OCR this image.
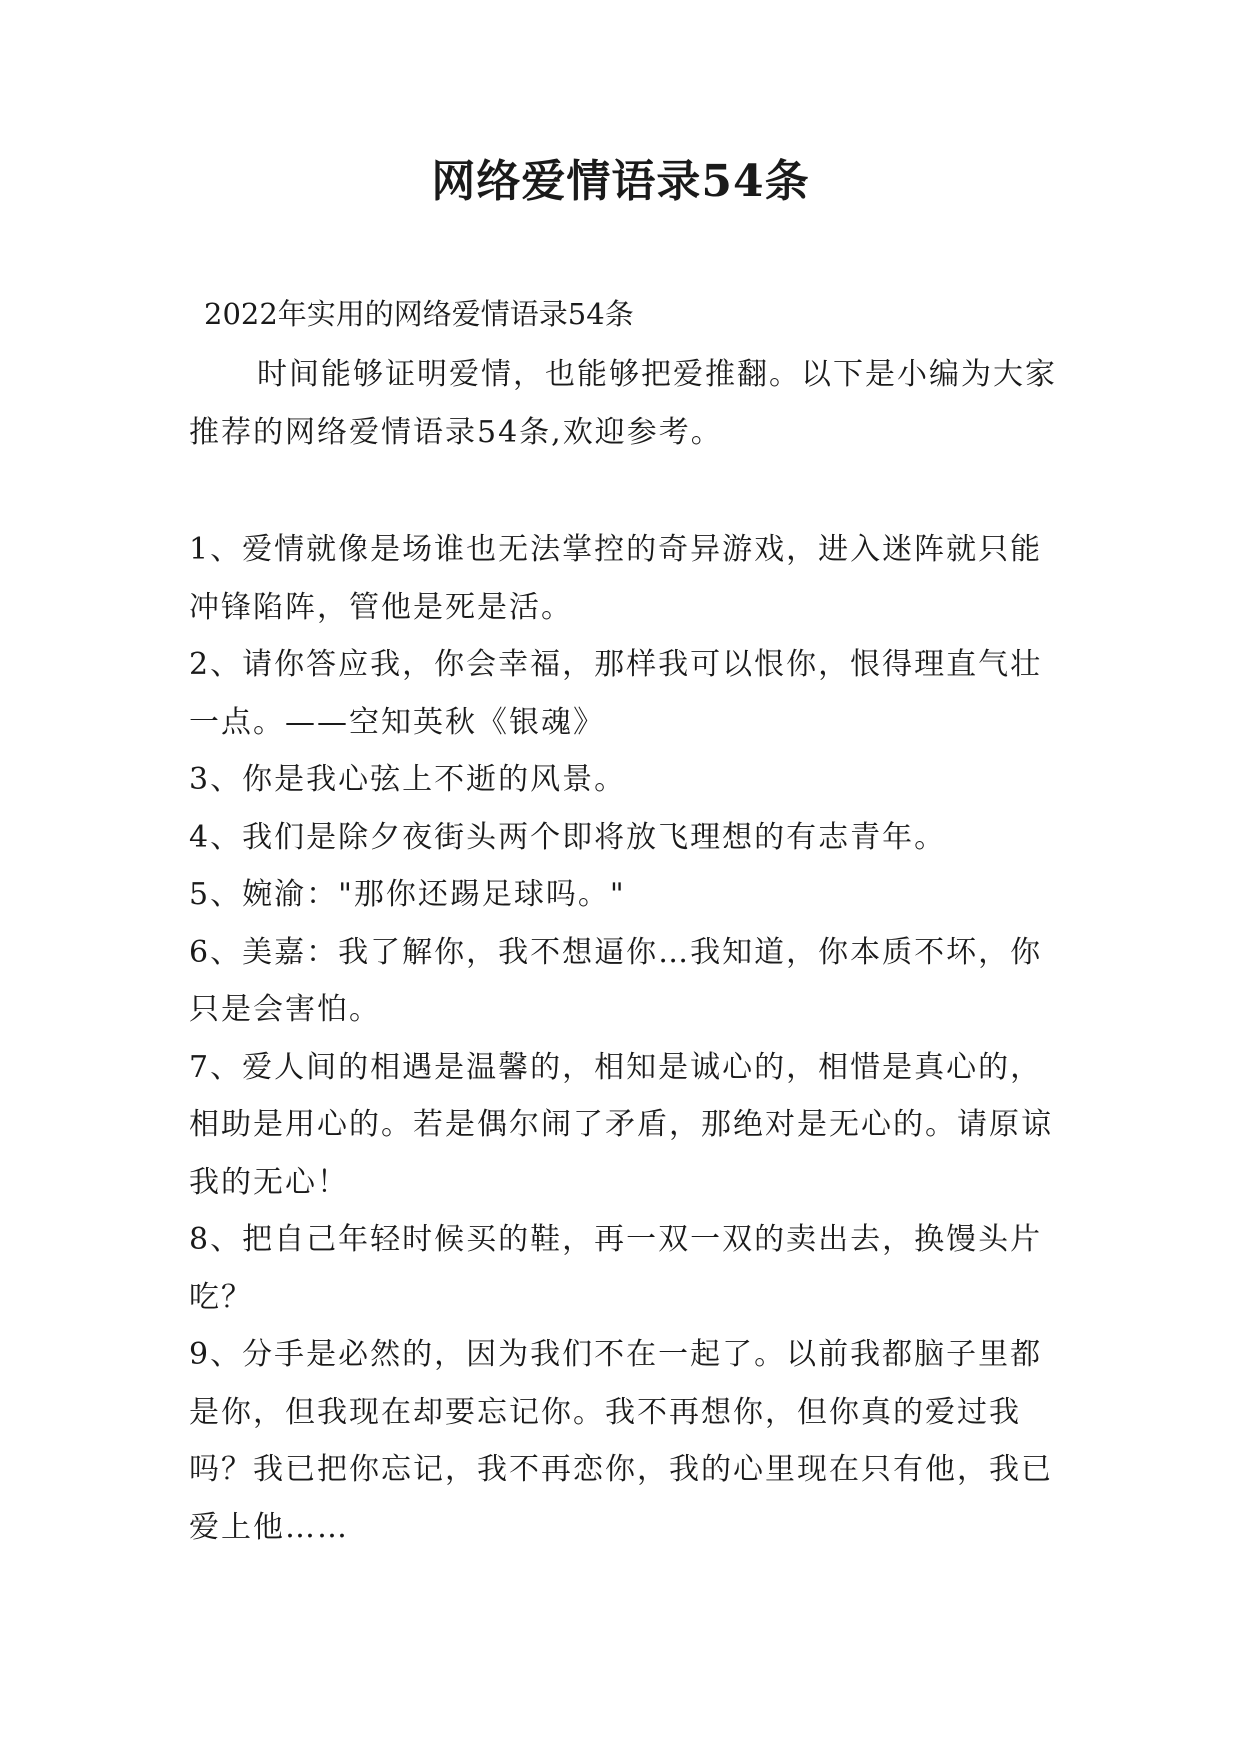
网络爱情语录54条
2022年实用的网络爱情语录54条

时间能够证明爱情，也能够把爱推翻。以下是小编为大家推荐的网络爱情语录54条,欢迎参考。

1、爱情就像是场谁也无法掌控的奇异游戏，进入迷阵就只能冲锋陷阵，管他是死是活。

2、请你答应我，你会幸福，那样我可以恨你，恨得理直气壮一点。——空知英秋《银魂》

3、你是我心弦上不逝的风景。

4、我们是除夕夜街头两个即将放飞理想的有志青年。

5、婉渝："那你还踢足球吗。"

6、美嘉：我了解你，我不想逼你…我知道，你本质不坏，你只是会害怕。

7、爱人间的相遇是温馨的，相知是诚心的，相惜是真心的，相助是用心的。若是偶尔闹了矛盾，那绝对是无心的。请原谅我的无心！

8、把自己年轻时候买的鞋，再一双一双的卖出去，换馒头片吃？

9、分手是必然的，因为我们不在一起了。以前我都脑子里都是你，但我现在却要忘记你。我不再想你，但你真的爱过我吗？我已把你忘记，我不再恋你，我的心里现在只有他，我已爱上他……
